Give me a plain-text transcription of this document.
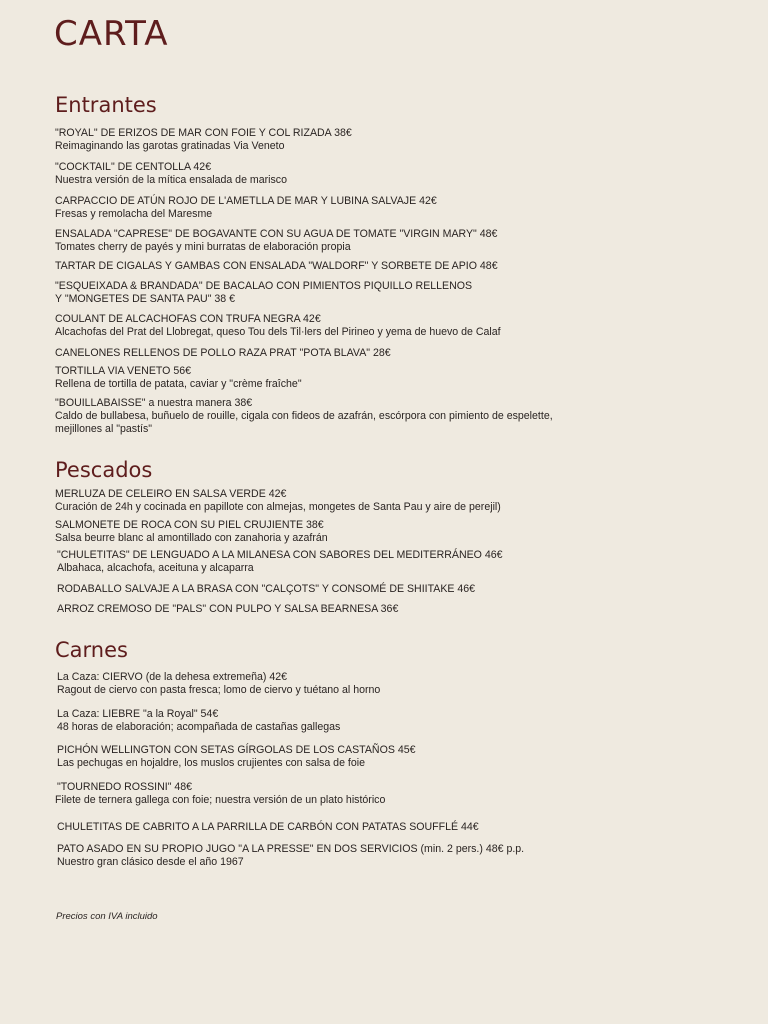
CARTA
Entrantes
"ROYAL" DE ERIZOS DE MAR CON FOIE Y COL RIZADA 38€
Reimaginando las garotas gratinadas Via Veneto
"COCKTAIL" DE CENTOLLA 42€
Nuestra versión de la mítica ensalada de marisco
CARPACCIO DE ATÚN ROJO DE L'AMETLLA DE MAR Y LUBINA SALVAJE 42€
Fresas y remolacha del Maresme
ENSALADA "CAPRESE" DE BOGAVANTE CON SU AGUA DE TOMATE "VIRGIN MARY" 48€
Tomates cherry de payés y mini burratas de elaboración propia
TARTAR DE CIGALAS Y GAMBAS CON ENSALADA "WALDORF" Y SORBETE DE APIO 48€
"ESQUEIXADA & BRANDADA" DE BACALAO CON PIMIENTOS PIQUILLO RELLENOS
Y "MONGETES DE SANTA PAU" 38 €
COULANT DE ALCACHOFAS CON TRUFA NEGRA 42€
Alcachofas del Prat del Llobregat, queso Tou dels Til·lers del Pirineo y yema de huevo de Calaf
CANELONES RELLENOS DE POLLO RAZA PRAT "POTA BLAVA" 28€
TORTILLA VIA VENETO 56€
Rellena de tortilla de patata, caviar y "crème fraîche"
"BOUILLABAISSE" a nuestra manera 38€
Caldo de bullabesa, buñuelo de rouille, cigala con fideos de azafrán, escórpora con pimiento de espelette,
mejillones al "pastís"
Pescados
MERLUZA DE CELEIRO EN SALSA VERDE 42€
Curación de 24h y cocinada en papillote con almejas, mongetes de Santa Pau y aire de perejil)
SALMONETE DE ROCA CON SU PIEL CRUJIENTE 38€
Salsa beurre blanc al amontillado con zanahoria y azafrán
"CHULETITAS" DE LENGUADO A LA MILANESA CON SABORES DEL MEDITERRÁNEO 46€
Albahaca, alcachofa, aceituna y alcaparra
RODABALLO SALVAJE A LA BRASA CON "CALÇOTS" Y CONSOMÉ DE SHIITAKE 46€
ARROZ CREMOSO DE "PALS" CON PULPO Y SALSA BEARNESA 36€
Carnes
La Caza: CIERVO (de la dehesa extremeña) 42€
Ragout de ciervo con pasta fresca; lomo de ciervo y tuétano al horno
La Caza: LIEBRE "a la Royal" 54€
48 horas de elaboración; acompañada de castañas gallegas
PICHÓN WELLINGTON CON SETAS GÍRGOLAS DE LOS CASTAÑOS 45€
Las pechugas en hojaldre, los muslos crujientes con salsa de foie
"TOURNEDO ROSSINI" 48€
Filete de ternera gallega con foie; nuestra versión de un plato histórico
CHULETITAS DE CABRITO A LA PARRILLA DE CARBÓN CON PATATAS SOUFFLÉ 44€
PATO ASADO EN SU PROPIO JUGO "A LA PRESSE" EN DOS SERVICIOS (min. 2 pers.) 48€ p.p.
Nuestro gran clásico desde el año 1967
Precios con IVA incluido
